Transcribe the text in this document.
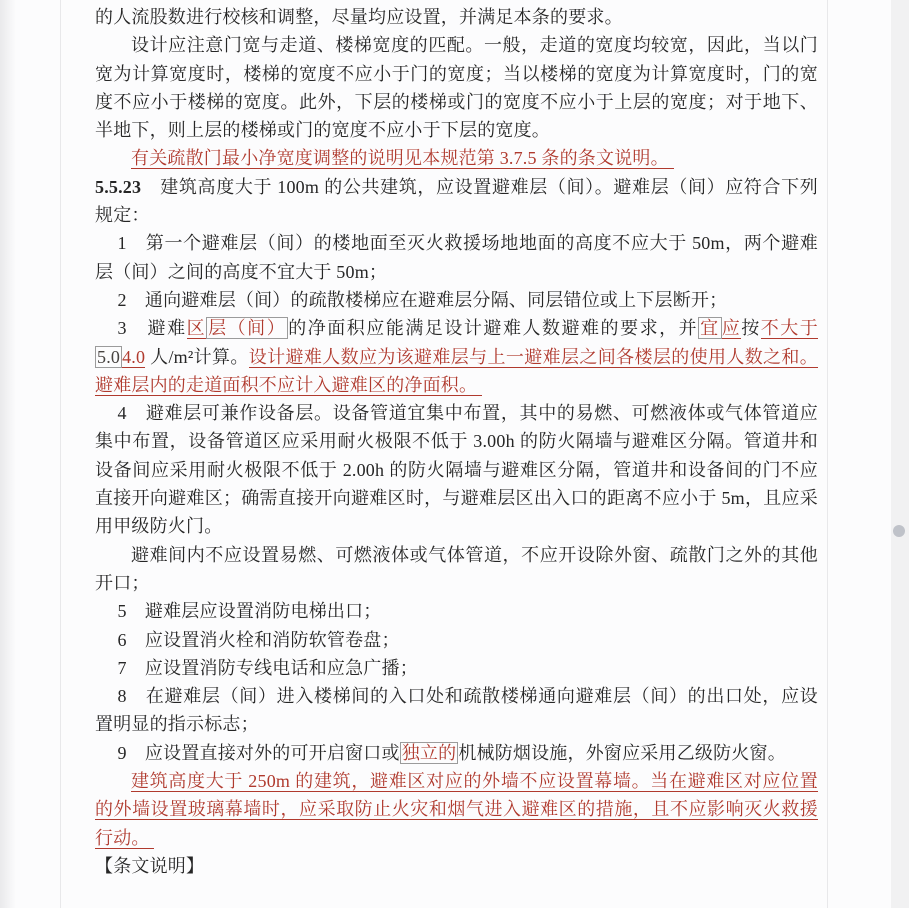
的人流股数进行校核和调整，尽量均应设置，并满足本条的要求。

设计应注意门宽与走道、楼梯宽度的匹配。一般，走道的宽度均较宽，因此，当以门宽为计算宽度时，楼梯的宽度不应小于门的宽度；当以楼梯的宽度为计算宽度时，门的宽度不应小于楼梯的宽度。此外，下层的楼梯或门的宽度不应小于上层的宽度；对于地下、半地下，则上层的楼梯或门的宽度不应小于下层的宽度。

有关疏散门最小净宽度调整的说明见本规范第 3.7.5 条的条文说明。

5.5.23　建筑高度大于 100m 的公共建筑，应设置避难层（间）。避难层（间）应符合下列规定：

1　第一个避难层（间）的楼地面至灭火救援场地地面的高度不应大于 50m，两个避难层（间）之间的高度不宜大于 50m；

2　通向避难层（间）的疏散楼梯应在避难层分隔、同层错位或上下层断开；

3　避难区 层（间） 的净面积应能满足设计避难人数避难的要求，并 宜 应按不大于5.0 4.0 人/m²计算。设计避难人数应为该避难层与上一避难层之间各楼层的使用人数之和。避难层内的走道面积不应计入避难区的净面积。

4　避难层可兼作设备层。设备管道宜集中布置，其中的易燃、可燃液体或气体管道应集中布置，设备管道区应采用耐火极限不低于 3.00h 的防火隔墙与避难区分隔。管道井和设备间应采用耐火极限不低于 2.00h 的防火隔墙与避难区分隔，管道井和设备间的门不应直接开向避难区；确需直接开向避难区时，与避难层区出入口的距离不应小于 5m，且应采用甲级防火门。

避难间内不应设置易燃、可燃液体或气体管道，不应开设除外窗、疏散门之外的其他开口；

5　避难层应设置消防电梯出口；

6　应设置消火栓和消防软管卷盘；

7　应设置消防专线电话和应急广播；

8　在避难层（间）进入楼梯间的入口处和疏散楼梯通向避难层（间）的出口处，应设置明显的指示标志；

9　应设置直接对外的可开启窗口或 独立的 机械防烟设施，外窗应采用乙级防火窗。

建筑高度大于 250m 的建筑，避难区对应的外墙不应设置幕墙。当在避难区对应位置的外墙设置玻璃幕墙时，应采取防止火灾和烟气进入避难区的措施，且不应影响灭火救援行动。

【条文说明】
